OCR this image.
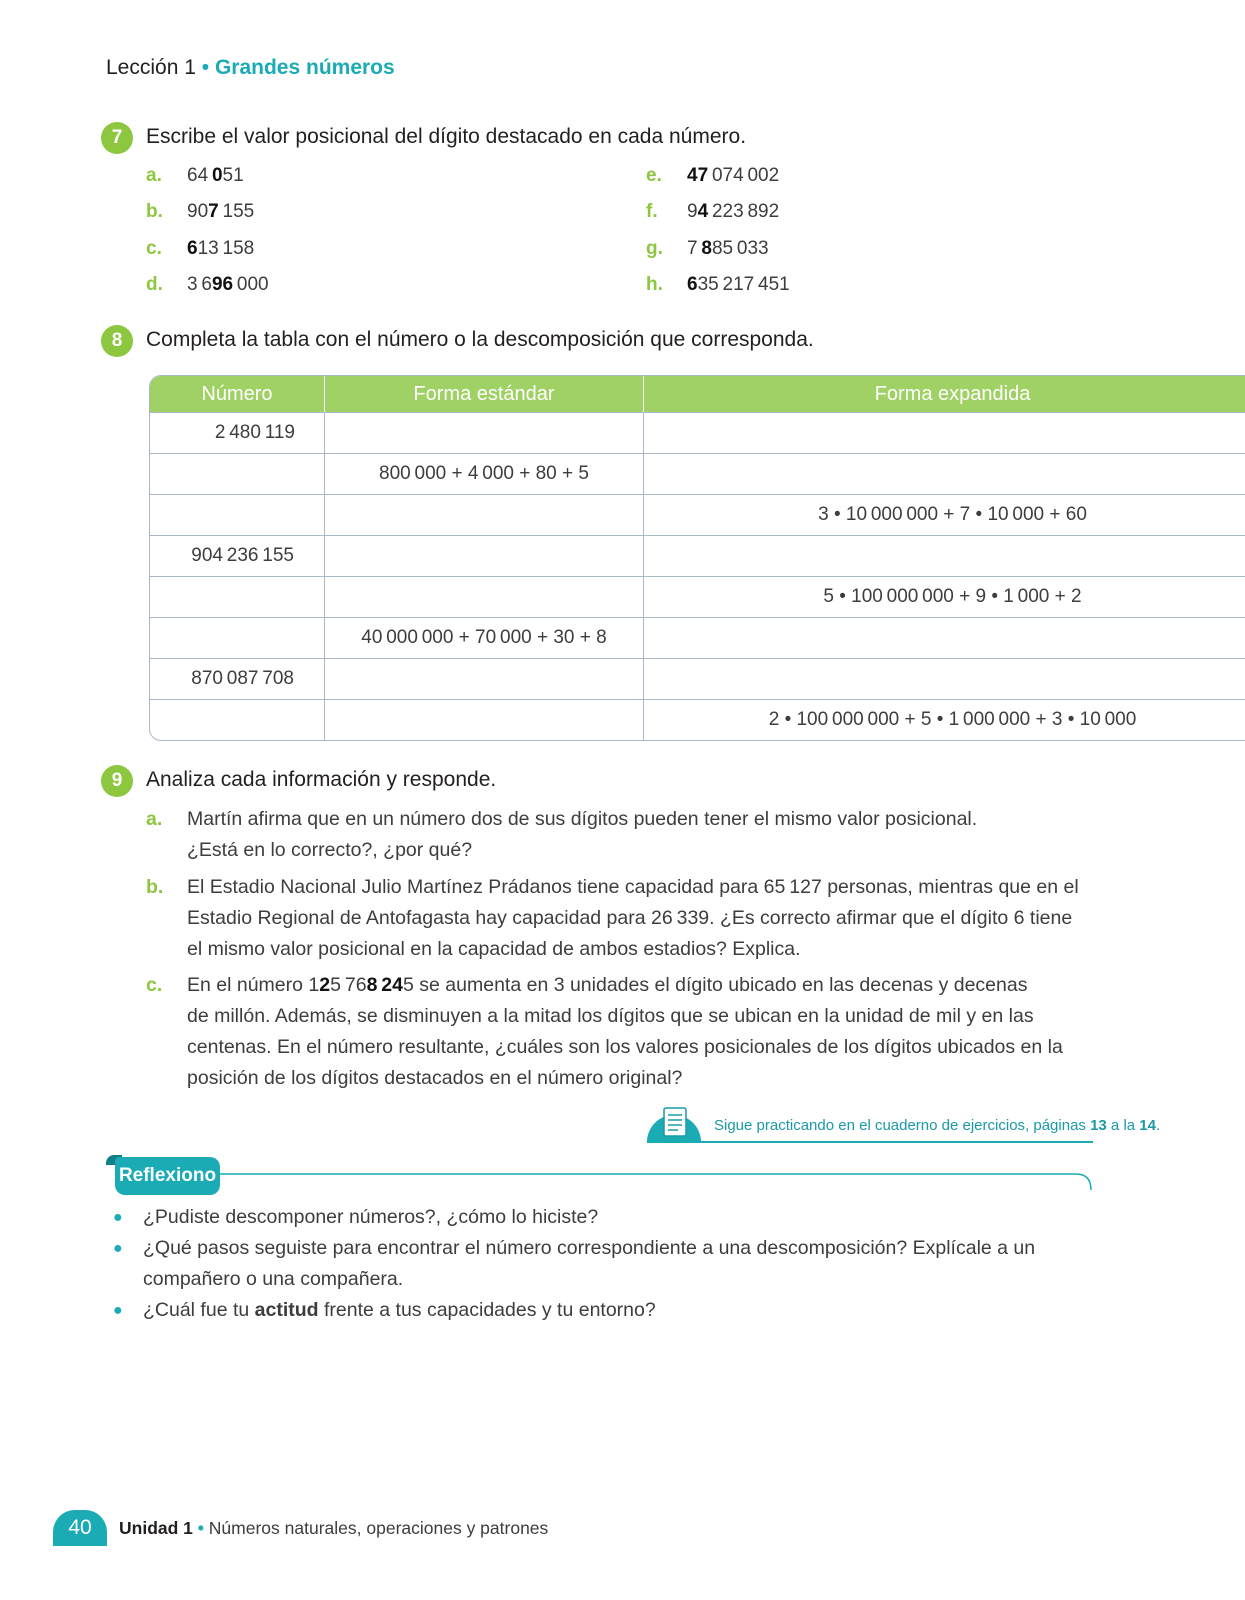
Lección 1 • Grandes números
7	Escribe el valor posicional del dígito destacado en cada número.
a.	64 051
b.	907 155
c.	613 158
d.	3 696 000
e.	47 074 002
f.	94 223 892
g.	7 885 033
h.	635 217 451
8	Completa la tabla con el número o la descomposición que corresponda.
Número	Forma estándar	Forma expandida
2 480 119		
	800 000 + 4 000 + 80 + 5	
		3 • 10 000 000 + 7 • 10 000 + 60
904 236 155		
		5 • 100 000 000 + 9 • 1 000 + 2
	40 000 000 + 70 000 + 30 + 8	
870 087 708		
		2 • 100 000 000 + 5 • 1 000 000 + 3 • 10 000
9	Analiza cada información y responde.
a.	Martín afirma que en un número dos de sus dígitos pueden tener el mismo valor posicional.
¿Está en lo correcto?, ¿por qué?
b.	El Estadio Nacional Julio Martínez Prádanos tiene capacidad para 65 127 personas, mientras que en el
Estadio Regional de Antofagasta hay capacidad para 26 339. ¿Es correcto afirmar que el dígito 6 tiene
el mismo valor posicional en la capacidad de ambos estadios? Explica.
c.	En el número 125 768 245 se aumenta en 3 unidades el dígito ubicado en las decenas y decenas
de millón. Además, se disminuyen a la mitad los dígitos que se ubican en la unidad de mil y en las
centenas. En el número resultante, ¿cuáles son los valores posicionales de los dígitos ubicados en la
posición de los dígitos destacados en el número original?
Sigue practicando en el cuaderno de ejercicios, páginas 13 a la 14.
Reflexiono
●	¿Pudiste descomponer números?, ¿cómo lo hiciste?
●	¿Qué pasos seguiste para encontrar el número correspondiente a una descomposición? Explícale a un
compañero o una compañera.
●	¿Cuál fue tu actitud frente a tus capacidades y tu entorno?
40	Unidad 1 • Números naturales, operaciones y patrones
